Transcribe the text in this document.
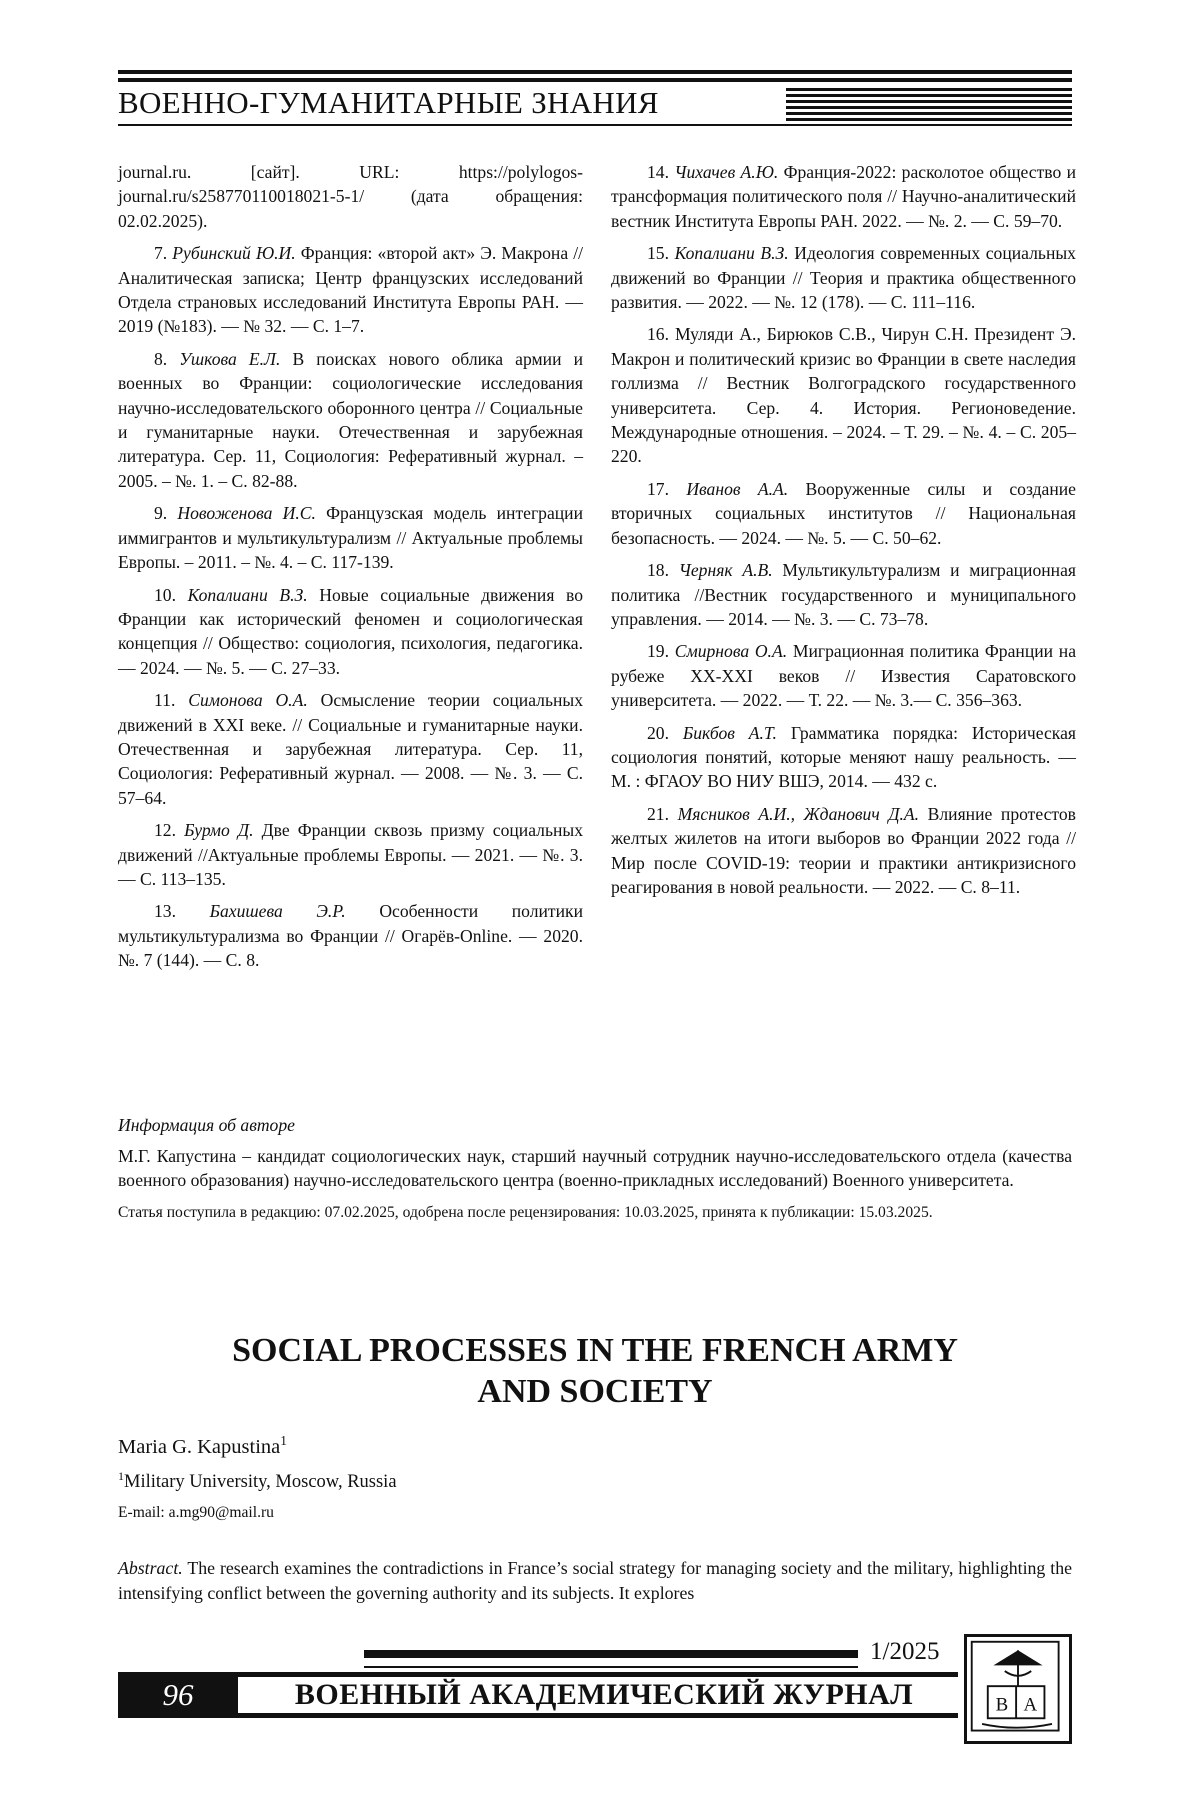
ВОЕННО-ГУМАНИТАРНЫЕ ЗНАНИЯ

journal.ru. [сайт]. URL: https://polylogos-journal.ru/s258770110018021-5-1/ (дата обращения: 02.02.2025).

7. Рубинский Ю.И. Франция: «второй акт» Э. Макрона // Аналитическая записка; Центр французских исследований Отдела страновых исследований Института Европы РАН. — 2019 (№183). — № 32. — С. 1–7.

8. Ушкова Е.Л. В поисках нового облика армии и военных во Франции: социологические исследования научно-исследовательского оборонного центра // Социальные и гуманитарные науки. Отечественная и зарубежная литература. Сер. 11, Социология: Реферативный журнал. – 2005. – №. 1. – С. 82-88.

9. Новоженова И.С. Французская модель интеграции иммигрантов и мультикультурализм // Актуальные проблемы Европы. – 2011. – №. 4. – С. 117-139.

10. Копалиани В.З. Новые социальные движения во Франции как исторический феномен и социологическая концепция // Общество: социология, психология, педагогика. — 2024. — №. 5. — С. 27–33.

11. Симонова О.А. Осмысление теории социальных движений в XXI веке. // Социальные и гуманитарные науки. Отечественная и зарубежная литература. Сер. 11, Социология: Реферативный журнал. — 2008. — №. 3. — С. 57–64.

12. Бурмо Д. Две Франции сквозь призму социальных движений //Актуальные проблемы Европы. — 2021. — №. 3. — С. 113–135.

13. Бахишева Э.Р. Особенности политики мультикультурализма во Франции // Огарёв-Online. — 2020. №. 7 (144). — С. 8.

14. Чихачев А.Ю. Франция-2022: расколотое общество и трансформация политического поля // Научно-аналитический вестник Института Европы РАН. 2022. — №. 2. — С. 59–70.

15. Копалиани В.З. Идеология современных социальных движений во Франции // Теория и практика общественного развития. — 2022. — №. 12 (178). — С. 111–116.

16. Муляди А., Бирюков С.В., Чирун С.Н. Президент Э. Макрон и политический кризис во Франции в свете наследия голлизма // Вестник Волгоградского государственного университета. Сер. 4. История. Регионоведение. Международные отношения. – 2024. – Т. 29. – №. 4. – С. 205–220.

17. Иванов А.А. Вооруженные силы и создание вторичных социальных институтов // Национальная безопасность. — 2024. — №. 5. — С. 50–62.

18. Черняк А.В. Мультикультурализм и миграционная политика //Вестник государственного и муниципального управления. — 2014. — №. 3. — С. 73–78.

19. Смирнова О.А. Миграционная политика Франции на рубеже XX-XXI веков // Известия Саратовского университета. — 2022. — Т. 22. — №. 3.— С. 356–363.

20. Бикбов А.Т. Грамматика порядка: Историческая социология понятий, которые меняют нашу реальность. — М. : ФГАОУ ВО НИУ ВШЭ, 2014. — 432 с.

21. Мясников А.И., Жданович Д.А. Влияние протестов желтых жилетов на итоги выборов во Франции 2022 года // Мир после COVID-19: теории и практики антикризисного реагирования в новой реальности. — 2022. — С. 8–11.

Информация об авторе

М.Г. Капустина – кандидат социологических наук, старший научный сотрудник научно-исследовательского отдела (качества военного образования) научно-исследовательского центра (военно-прикладных исследований) Военного университета.

Статья поступила в редакцию: 07.02.2025, одобрена после рецензирования: 10.03.2025, принята к публикации: 15.03.2025.
SOCIAL PROCESSES IN THE FRENCH ARMY
AND SOCIETY
Maria G. Kapustina$^1$
$^1$Military University, Moscow, Russia
E-mail: a.mg90@mail.ru
Abstract. The research examines the contradictions in France’s social strategy for managing society and the military, highlighting the intensifying conflict between the governing authority and its subjects. It explores
1/2025
96	ВОЕННЫЙ АКАДЕМИЧЕСКИЙ ЖУРНАЛ	В А
